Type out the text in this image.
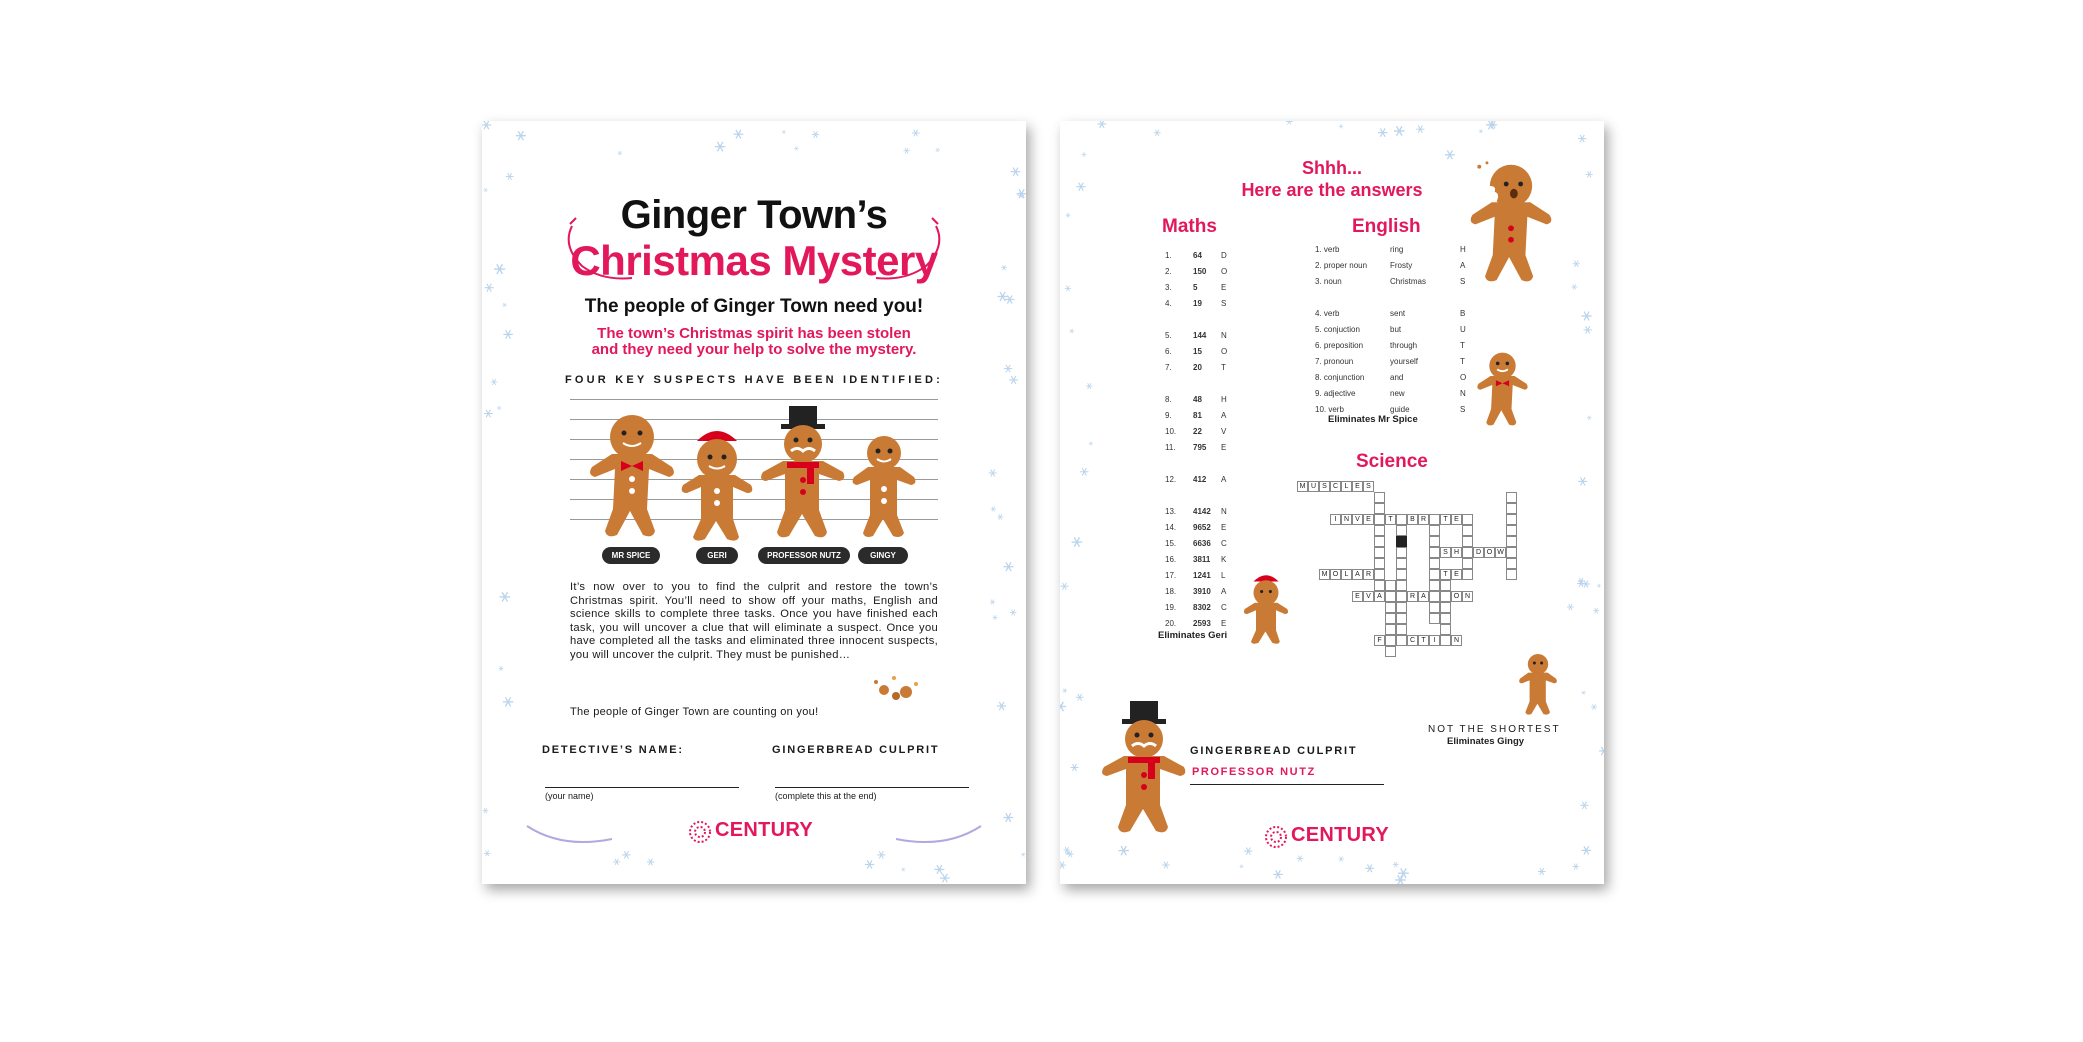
Ginger Town’s
Christmas Mystery
The people of Ginger Town need you!
The town’s Christmas spirit has been stolen
and they need your help to solve the mystery.
FOUR KEY SUSPECTS HAVE BEEN IDENTIFIED:
MR SPICE	GERI	PROFESSOR NUTZ	GINGY
It’s now over to you to find the culprit and restore the town’s Christmas spirit. You’ll need to show off your maths, English and science skills to complete three tasks. Once you have finished each task, you will uncover a clue that will eliminate a suspect. Once you have completed all the tasks and eliminated three innocent suspects, you will uncover the culprit. They must be punished…
The people of Ginger Town are counting on you!
DETECTIVE’S NAME:
(your name)
GINGERBREAD CULPRIT
(complete this at the end)
CENTURY
Shhh...
Here are the answers
Maths
1.	64	D
2.	150	O
3.	5	E
4.	19	S

5.	144	N
6.	15	O
7.	20	T

8.	48	H
9.	81	A
10.	22	V
11.	795	E

12.	412	A

13.	4142	N
14.	9652	E
15.	6636	C
16.	3811	K
17.	1241	L
18.	3910	A
19.	8302	C
20.	2593	E
Eliminates Geri
English
1. verb	ring	H
2. proper noun	Frosty	A
3. noun	Christmas	S

4. verb	sent	B
5. conjuction	but	U
6. preposition	through	T
7. pronoun	yourself	T
8. conjunction	and	O
9. adjective	new	N
10. verb	guide	S
Eliminates Mr Spice
Science
M U S C L E S
I	N V E	T	B R	T E
S H	D O W
T E
M O L A R
E V A	R A	O N
F	C T	I	N
NOT THE SHORTEST
Eliminates Gingy
GINGERBREAD CULPRIT
PROFESSOR NUTZ
CENTURY
